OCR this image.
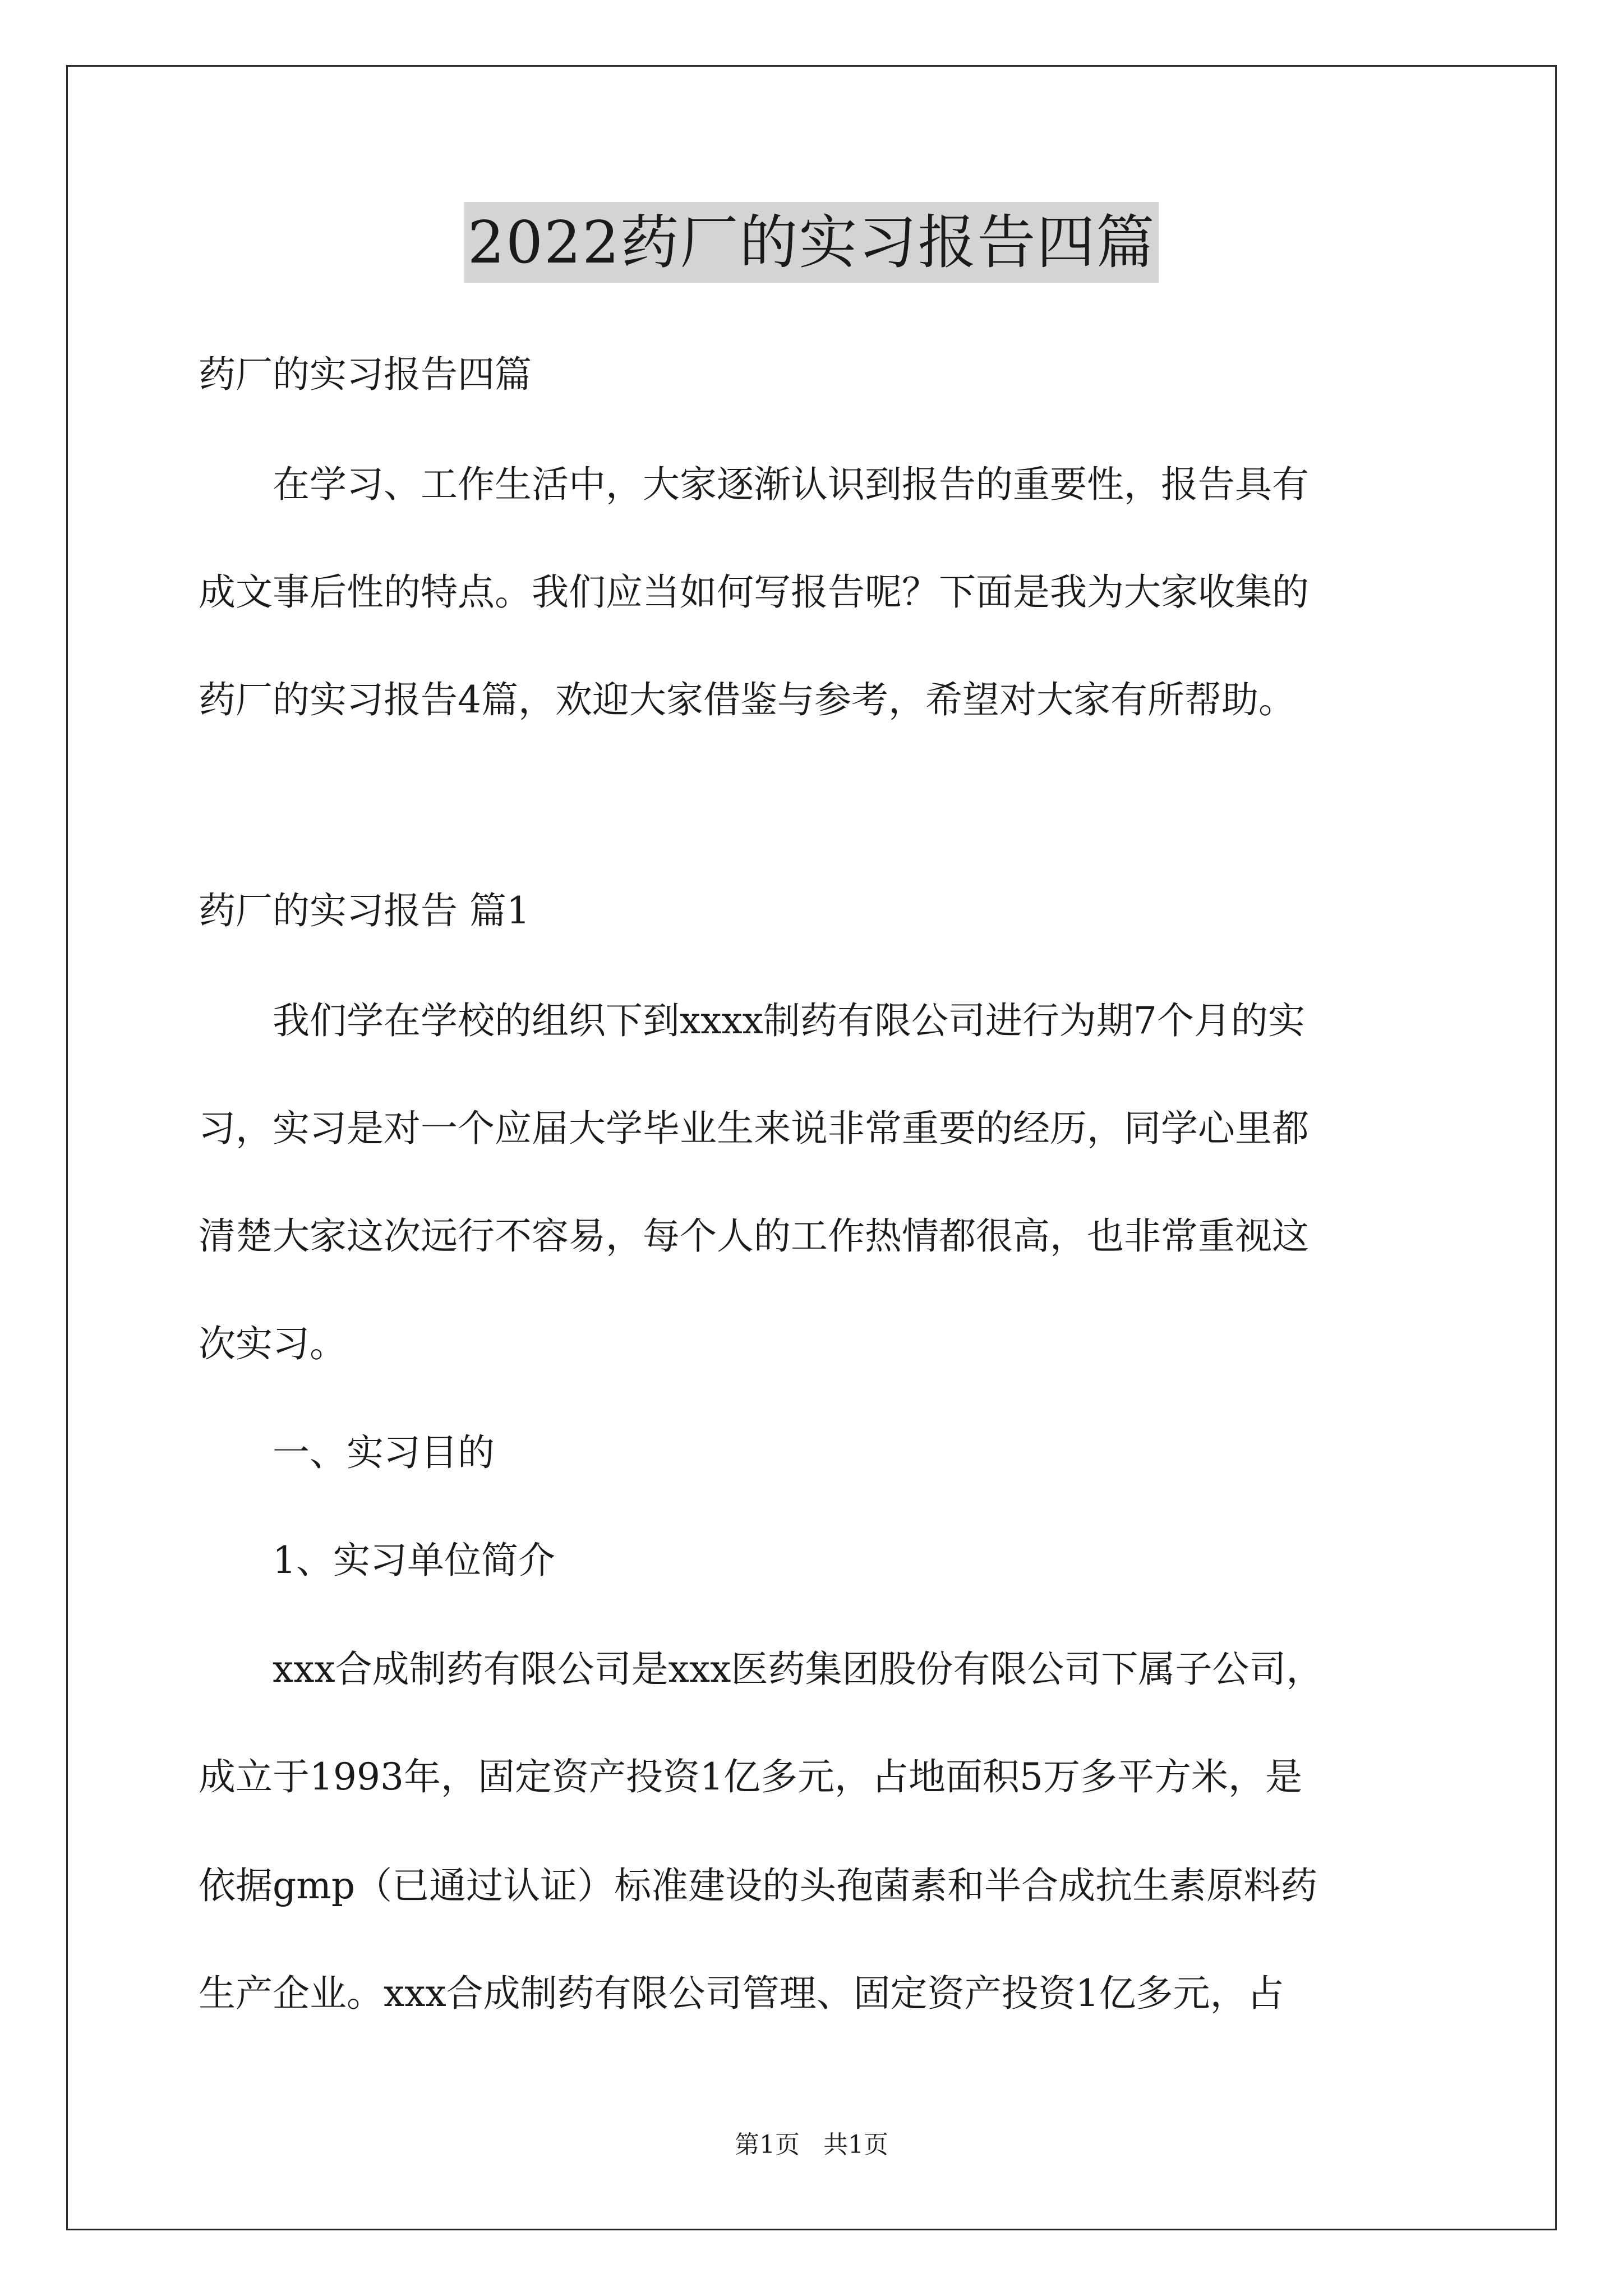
2022药厂的实习报告四篇
药厂的实习报告四篇
　　在学习、工作生活中，大家逐渐认识到报告的重要性，报告具有
成文事后性的特点。我们应当如何写报告呢？下面是我为大家收集的
药厂的实习报告4篇，欢迎大家借鉴与参考，希望对大家有所帮助。
药厂的实习报告 篇1
　　我们学在学校的组织下到xxxx制药有限公司进行为期7个月的实
习，实习是对一个应届大学毕业生来说非常重要的经历，同学心里都
清楚大家这次远行不容易，每个人的工作热情都很高，也非常重视这
次实习。
　　一、实习目的
　　1、实习单位简介
　　xxx合成制药有限公司是xxx医药集团股份有限公司下属子公司，
成立于1993年，固定资产投资1亿多元，占地面积5万多平方米，是
依据gmp（已通过认证）标准建设的头孢菌素和半合成抗生素原料药
生产企业。xxx合成制药有限公司管理、固定资产投资1亿多元，占
第1页 共1页
